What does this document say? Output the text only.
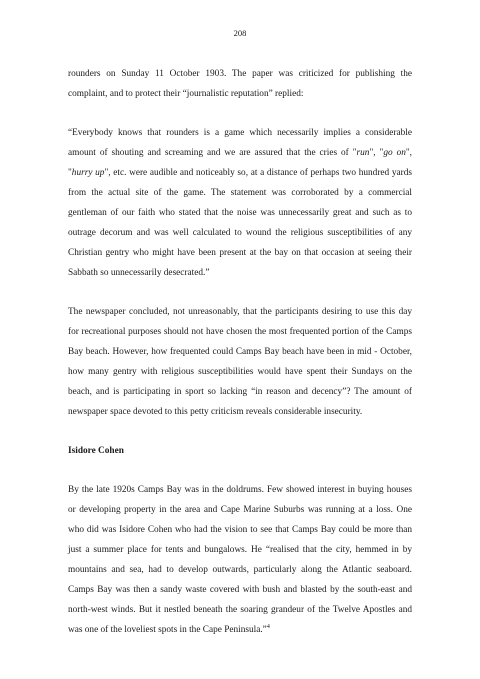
208

rounders on Sunday 11 October 1903. The paper was criticized for publishing the complaint, and to protect their “journalistic reputation” replied:

“Everybody knows that rounders is a game which necessarily implies a considerable amount of shouting and screaming and we are assured that the cries of "run", "go on", "hurry up", etc. were audible and noticeably so, at a distance of perhaps two hundred yards from the actual site of the game. The statement was corroborated by a commercial gentleman of our faith who stated that the noise was unnecessarily great and such as to outrage decorum and was well calculated to wound the religious susceptibilities of any Christian gentry who might have been present at the bay on that occasion at seeing their Sabbath so unnecessarily desecrated.”

The newspaper concluded, not unreasonably, that the participants desiring to use this day for recreational purposes should not have chosen the most frequented portion of the Camps Bay beach. However, how frequented could Camps Bay beach have been in mid - October, how many gentry with religious susceptibilities would have spent their Sundays on the beach, and is participating in sport so lacking “in reason and decency”? The amount of newspaper space devoted to this petty criticism reveals considerable insecurity.

Isidore Cohen

By the late 1920s Camps Bay was in the doldrums. Few showed interest in buying houses or developing property in the area and Cape Marine Suburbs was running at a loss. One who did was Isidore Cohen who had the vision to see that Camps Bay could be more than just a summer place for tents and bungalows. He “realised that the city, hemmed in by mountains and sea, had to develop outwards, particularly along the Atlantic seaboard. Camps Bay was then a sandy waste covered with bush and blasted by the south-east and north-west winds. But it nestled beneath the soaring grandeur of the Twelve Apostles and was one of the loveliest spots in the Cape Peninsula.”$^4$
